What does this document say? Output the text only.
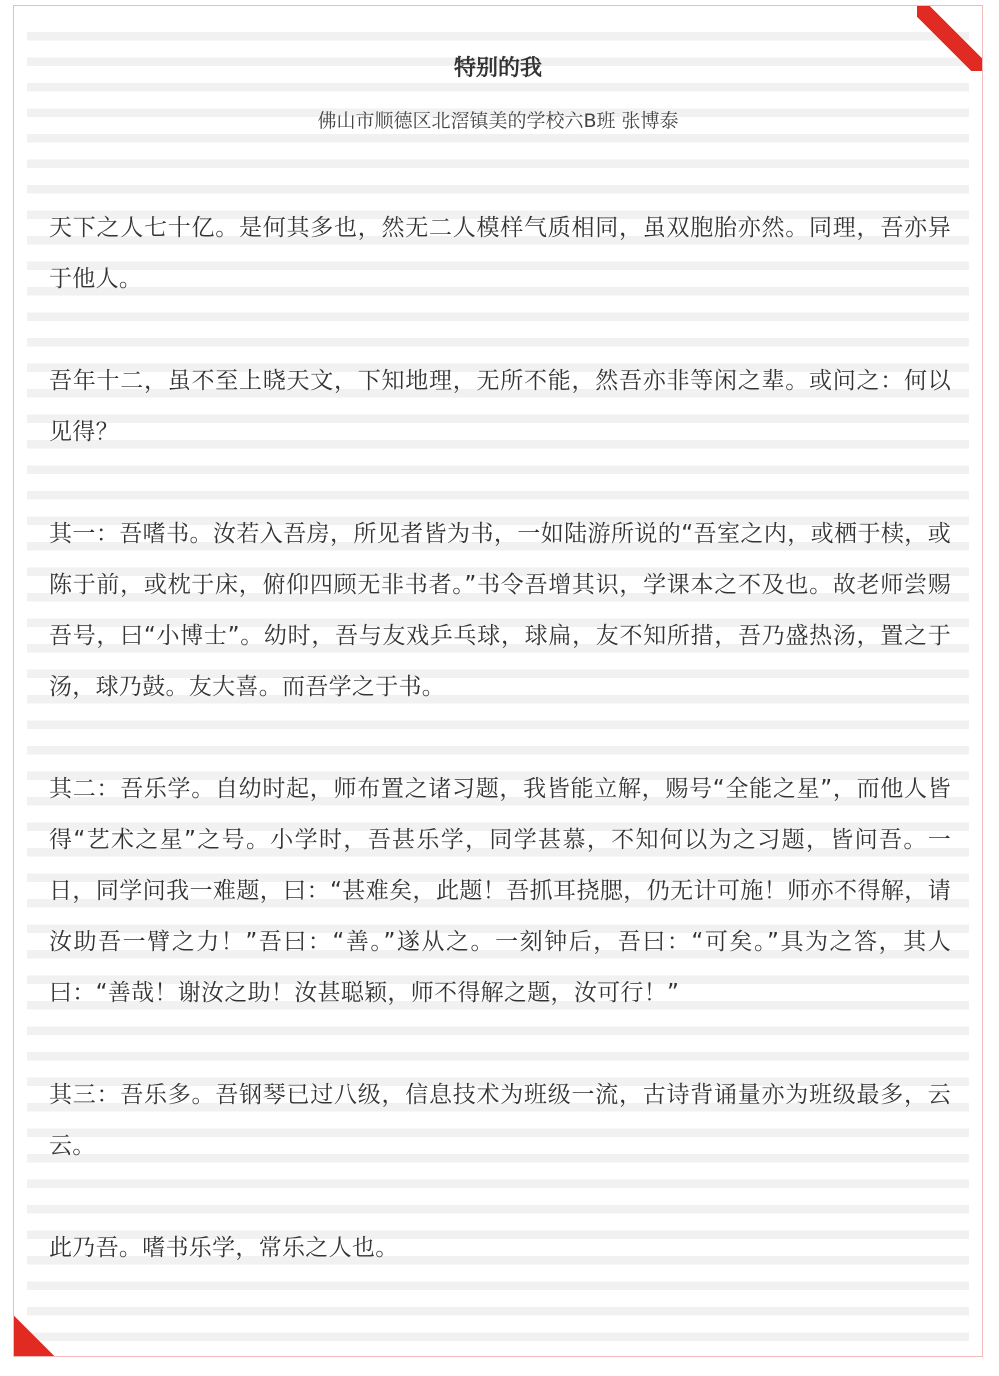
特别的我
佛山市顺德区北滘镇美的学校六B班 张博泰

天下之人七十亿。是何其多也，然无二人模样气质相同，虽双胞胎亦然。同理，吾亦异于他人。

吾年十二，虽不至上晓天文，下知地理，无所不能，然吾亦非等闲之辈。或问之：何以见得？

其一：吾嗜书。汝若入吾房，所见者皆为书，一如陆游所说的“吾室之内，或栖于椟，或陈于前，或枕于床，俯仰四顾无非书者。”书令吾增其识，学课本之不及也。故老师尝赐吾号，曰“小博士”。幼时，吾与友戏乒乓球，球扁，友不知所措，吾乃盛热汤，置之于汤，球乃鼓。友大喜。而吾学之于书。

其二：吾乐学。自幼时起，师布置之诸习题，我皆能立解，赐号“全能之星”，而他人皆得“艺术之星”之号。小学时，吾甚乐学，同学甚慕，不知何以为之习题，皆问吾。一日，同学问我一难题，曰：“甚难矣，此题！吾抓耳挠腮，仍无计可施！师亦不得解，请汝助吾一臂之力！”吾曰：“善。”遂从之。一刻钟后，吾曰：“可矣。”具为之答，其人曰：“善哉！谢汝之助！汝甚聪颖，师不得解之题，汝可行！”

其三：吾乐多。吾钢琴已过八级，信息技术为班级一流，古诗背诵量亦为班级最多，云云。

此乃吾。嗜书乐学，常乐之人也。
